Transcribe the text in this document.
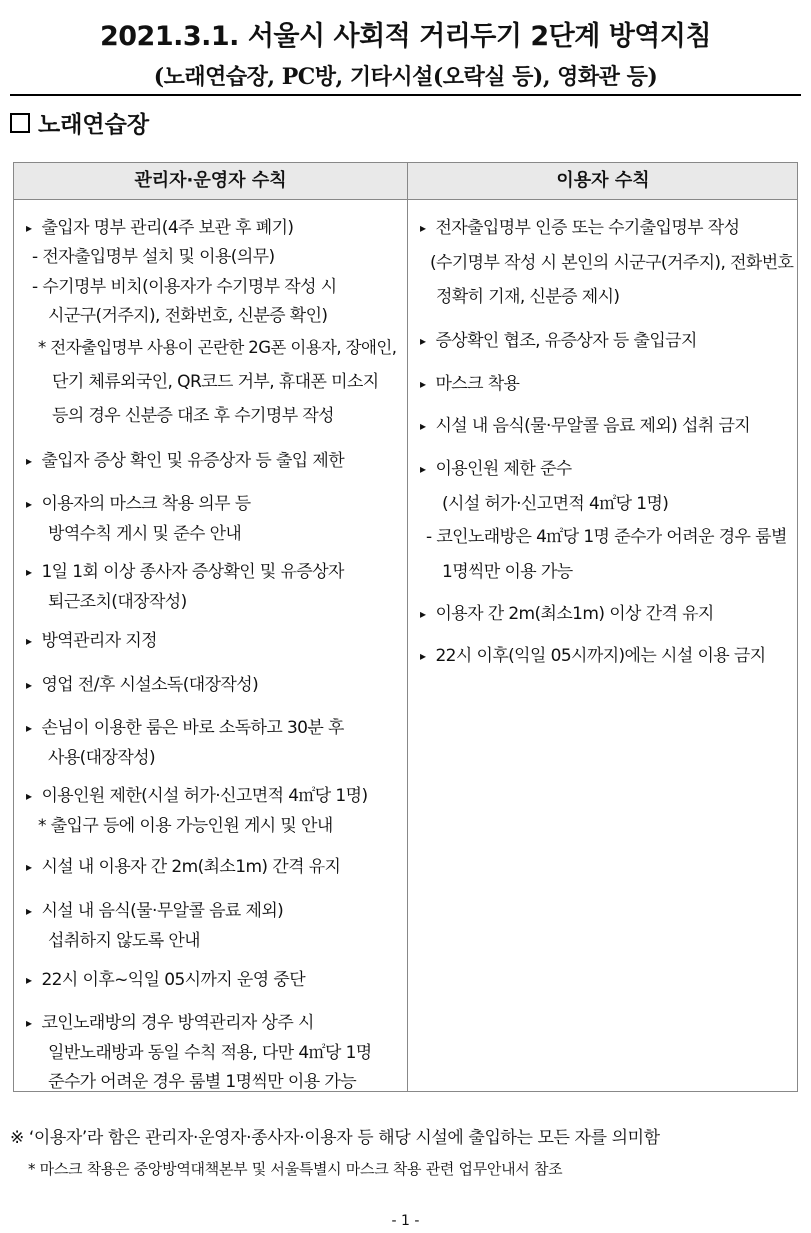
2021.3.1. 서울시 사회적 거리두기 2단계 방역지침
(노래연습장, PC방, 기타시설(오락실 등), 영화관 등)
노래연습장
관리자·운영자 수칙	이용자 수칙
▸ 출입자 명부 관리(4주 보관 후 폐기)
- 전자출입명부 설치 및 이용(의무)
- 수기명부 비치(이용자가 수기명부 작성 시
시군구(거주지), 전화번호, 신분증 확인)
* 전자출입명부 사용이 곤란한 2G폰 이용자, 장애인,
단기 체류외국인, QR코드 거부, 휴대폰 미소지
등의 경우 신분증 대조 후 수기명부 작성
▸ 출입자 증상 확인 및 유증상자 등 출입 제한
▸ 이용자의 마스크 착용 의무 등
방역수칙 게시 및 준수 안내
▸ 1일 1회 이상 종사자 증상확인 및 유증상자
퇴근조치(대장작성)
▸ 방역관리자 지정
▸ 영업 전/후 시설소독(대장작성)
▸ 손님이 이용한 룸은 바로 소독하고 30분 후
사용(대장작성)
▸ 이용인원 제한(시설 허가·신고면적 4㎡당 1명)
* 출입구 등에 이용 가능인원 게시 및 안내
▸ 시설 내 이용자 간 2m(최소1m) 간격 유지
▸ 시설 내 음식(물·무알콜 음료 제외)
섭취하지 않도록 안내
▸ 22시 이후~익일 05시까지 운영 중단
▸ 코인노래방의 경우 방역관리자 상주 시
일반노래방과 동일 수칙 적용, 다만 4㎡당 1명
준수가 어려운 경우 룸별 1명씩만 이용 가능
▸ 전자출입명부 인증 또는 수기출입명부 작성
(수기명부 작성 시 본인의 시군구(거주지), 전화번호
정확히 기재, 신분증 제시)
▸ 증상확인 협조, 유증상자 등 출입금지
▸ 마스크 착용
▸ 시설 내 음식(물·무알콜 음료 제외) 섭취 금지
▸ 이용인원 제한 준수
(시설 허가·신고면적 4㎡당 1명)
- 코인노래방은 4㎡당 1명 준수가 어려운 경우 룸별
1명씩만 이용 가능
▸ 이용자 간 2m(최소1m) 이상 간격 유지
▸ 22시 이후(익일 05시까지)에는 시설 이용 금지
※ ‘이용자’라 함은 관리자·운영자·종사자·이용자 등 해당 시설에 출입하는 모든 자를 의미함
* 마스크 착용은 중앙방역대책본부 및 서울특별시 마스크 착용 관련 업무안내서 참조
- 1 -
